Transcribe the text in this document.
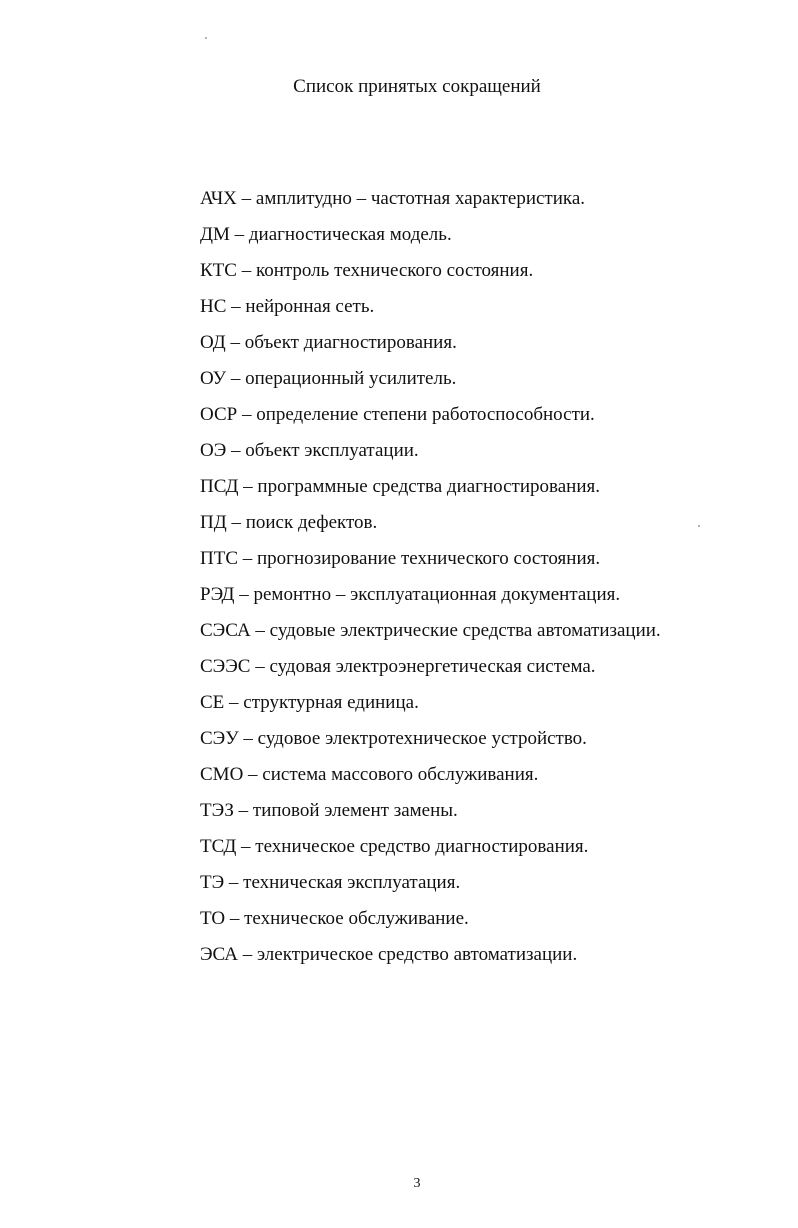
Список принятых сокращений
АЧХ – амплитудно – частотная характеристика.
ДМ – диагностическая модель.
КТС – контроль технического состояния.
НС – нейронная сеть.
ОД – объект диагностирования.
ОУ – операционный усилитель.
ОСР – определение степени работоспособности.
ОЭ – объект эксплуатации.
ПСД – программные средства диагностирования.
ПД – поиск дефектов.
ПТС – прогнозирование технического состояния.
РЭД – ремонтно – эксплуатационная документация.
СЭСА – судовые электрические средства автоматизации.
СЭЭС – судовая электроэнергетическая система.
СЕ – структурная единица.
СЭУ – судовое электротехническое устройство.
СМО – система массового обслуживания.
ТЭЗ – типовой элемент замены.
ТСД – техническое средство диагностирования.
ТЭ – техническая эксплуатация.
ТО – техническое обслуживание.
ЭСА – электрическое средство автоматизации.
3
